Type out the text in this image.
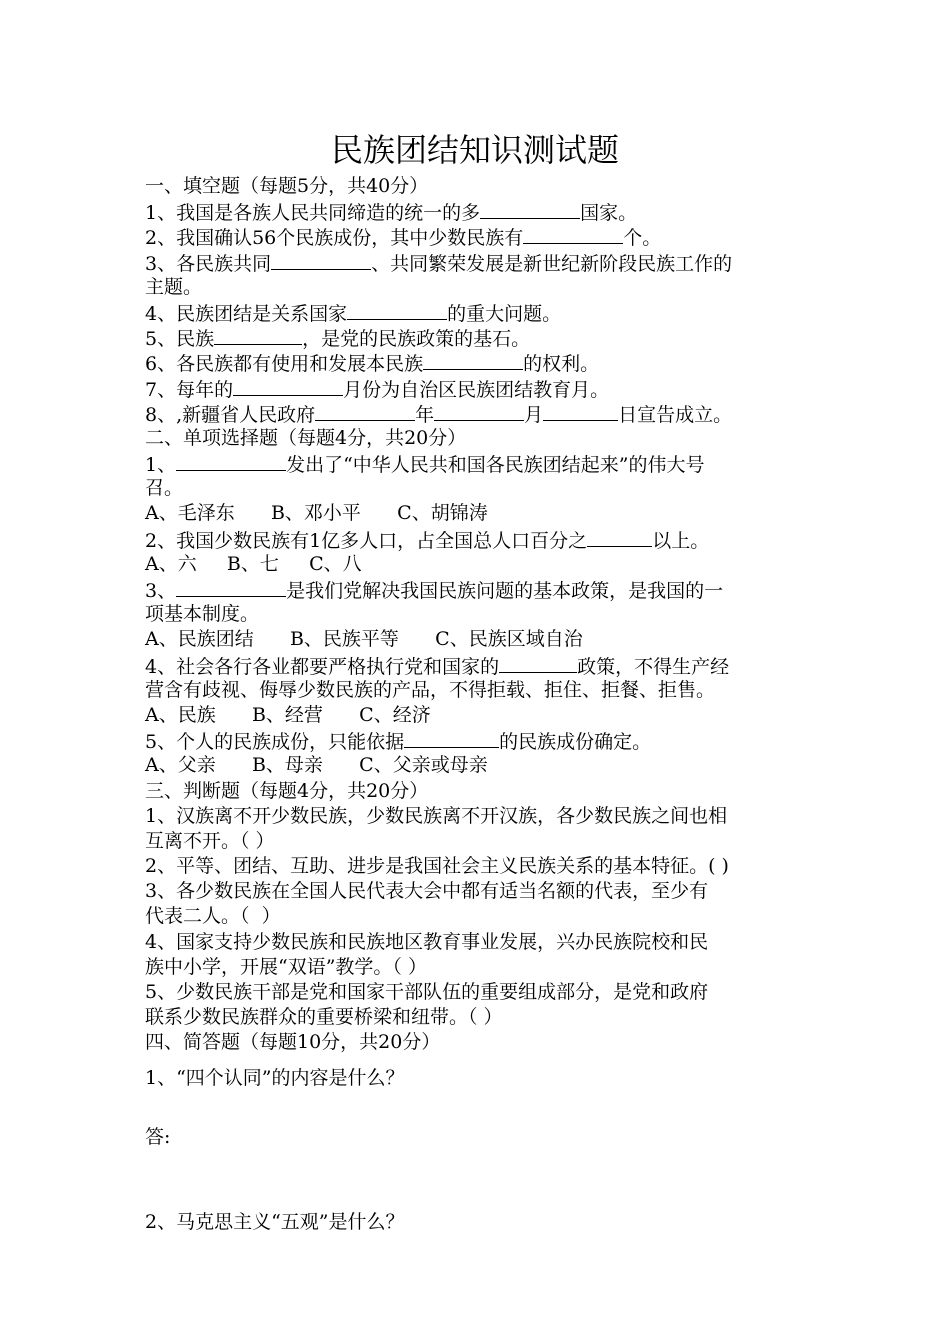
民族团结知识测试题
一、填空题（每题5分，共40分）
1、我国是各族人民共同缔造的统一的多	国家。
2、我国确认56个民族成份，其中少数民族有	个。
3、各民族共同	、共同繁荣发展是新世纪新阶段民族工作的
主题。
4、民族团结是关系国家	的重大问题。
5、民族	，是党的民族政策的基石。
6、各民族都有使用和发展本民族	的权利。
7、每年的	月份为自治区民族团结教育月。
8、,新疆省人民政府	年	月	日宣告成立。
二、单项选择题（每题4分，共20分）
1、	发出了“中华人民共和国各民族团结起来”的伟大号
召。
A、毛泽东      B、邓小平      C、胡锦涛
2、我国少数民族有1亿多人口，占全国总人口百分之	以上。
A、六     B、七     C、八
3、	是我们党解决我国民族问题的基本政策，是我国的一
项基本制度。
A、民族团结      B、民族平等      C、民族区域自治
4、社会各行各业都要严格执行党和国家的	政策，不得生产经
营含有歧视、侮辱少数民族的产品，不得拒载、拒住、拒餐、拒售。
A、民族      B、经营      C、经济
5、个人的民族成份，只能依据	的民族成份确定。
A、父亲      B、母亲      C、父亲或母亲
三、判断题（每题4分，共20分）
1、汉族离不开少数民族，少数民族离不开汉族，各少数民族之间也相
互离不开。（ ）
2、平等、团结、互助、进步是我国社会主义民族关系的基本特征。( )
3、各少数民族在全国人民代表大会中都有适当名额的代表，至少有
代表二人。（  ）
4、国家支持少数民族和民族地区教育事业发展，兴办民族院校和民
族中小学，开展“双语”教学。（ ）
5、少数民族干部是党和国家干部队伍的重要组成部分，是党和政府
联系少数民族群众的重要桥梁和纽带。（ ）
四、简答题（每题10分，共20分）
1、“四个认同”的内容是什么？
答:
2、马克思主义“五观”是什么？
